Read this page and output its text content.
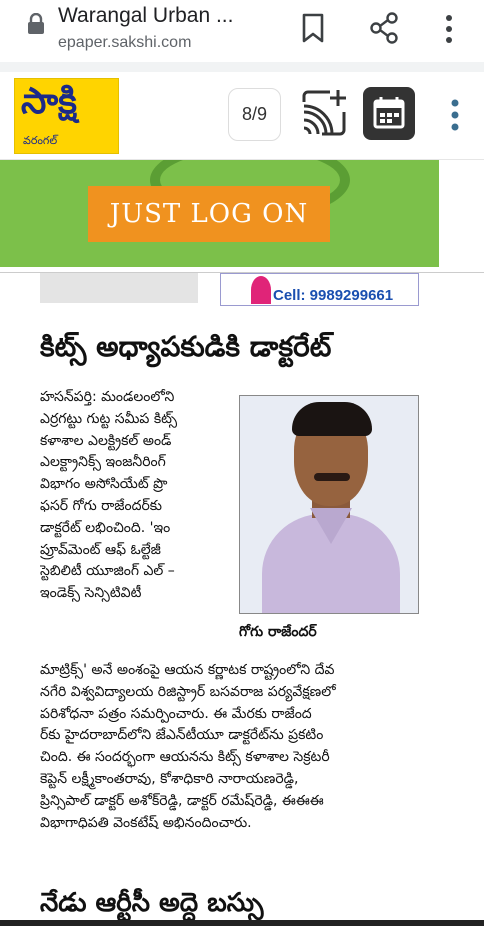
Warangal Urban ...
epaper.sakshi.com
సాక్షి
వరంగల్
8/9
JUST LOG ON
Cell: 9989299661
కిట్స్ అధ్యాపకుడికి డాక్టరేట్
గోగు రాజేందర్
హసన్‌పర్తి: మండలంలోని
ఎర్రగట్టు గుట్ట సమీప కిట్స్
కళాశాల ఎలక్ట్రికల్ అండ్
ఎలక్ట్రానిక్స్ ఇంజనీరింగ్
విభాగం అసోసియేట్ ప్రొ
ఫసర్ గోగు రాజేందర్‌కు
డాక్టరేట్ లభించింది. 'ఇం
ప్రూవ్‌మెంట్ ఆఫ్ ఓల్టేజీ
స్టెబిలిటీ యూజింగ్ ఎల్ –
ఇండెక్స్ సెన్సిటివిటీ
మాట్రిక్స్' అనే అంశంపై ఆయన కర్ణాటక రాష్ట్రంలోని దేవ
నగేరి విశ్వవిద్యాలయ రిజిస్ట్రార్ బసవరాజ పర్యవేక్షణలో
పరిశోధనా పత్రం సమర్పించారు. ఈ మేరకు రాజేంద
ర్‌కు హైదరాబాద్‌లోని జేఎన్‌టీయూ డాక్టరేట్‌ను ప్రకటిం
చింది. ఈ సందర్భంగా ఆయనను కిట్స్ కళాశాల సెక్రటరీ
కెప్టెన్ లక్ష్మీకాంతరావు, కోశాధికారి నారాయణరెడ్డి,
ప్రిన్సిపాల్ డాక్టర్ అశోక్‌రెడ్డి, డాక్టర్ రమేష్‌రెడ్డి, ఈఈఈ
విభాగాధిపతి వెంకటేష్ అభినందించారు.
నేడు ఆర్టీసీ అద్దె బస్సు
